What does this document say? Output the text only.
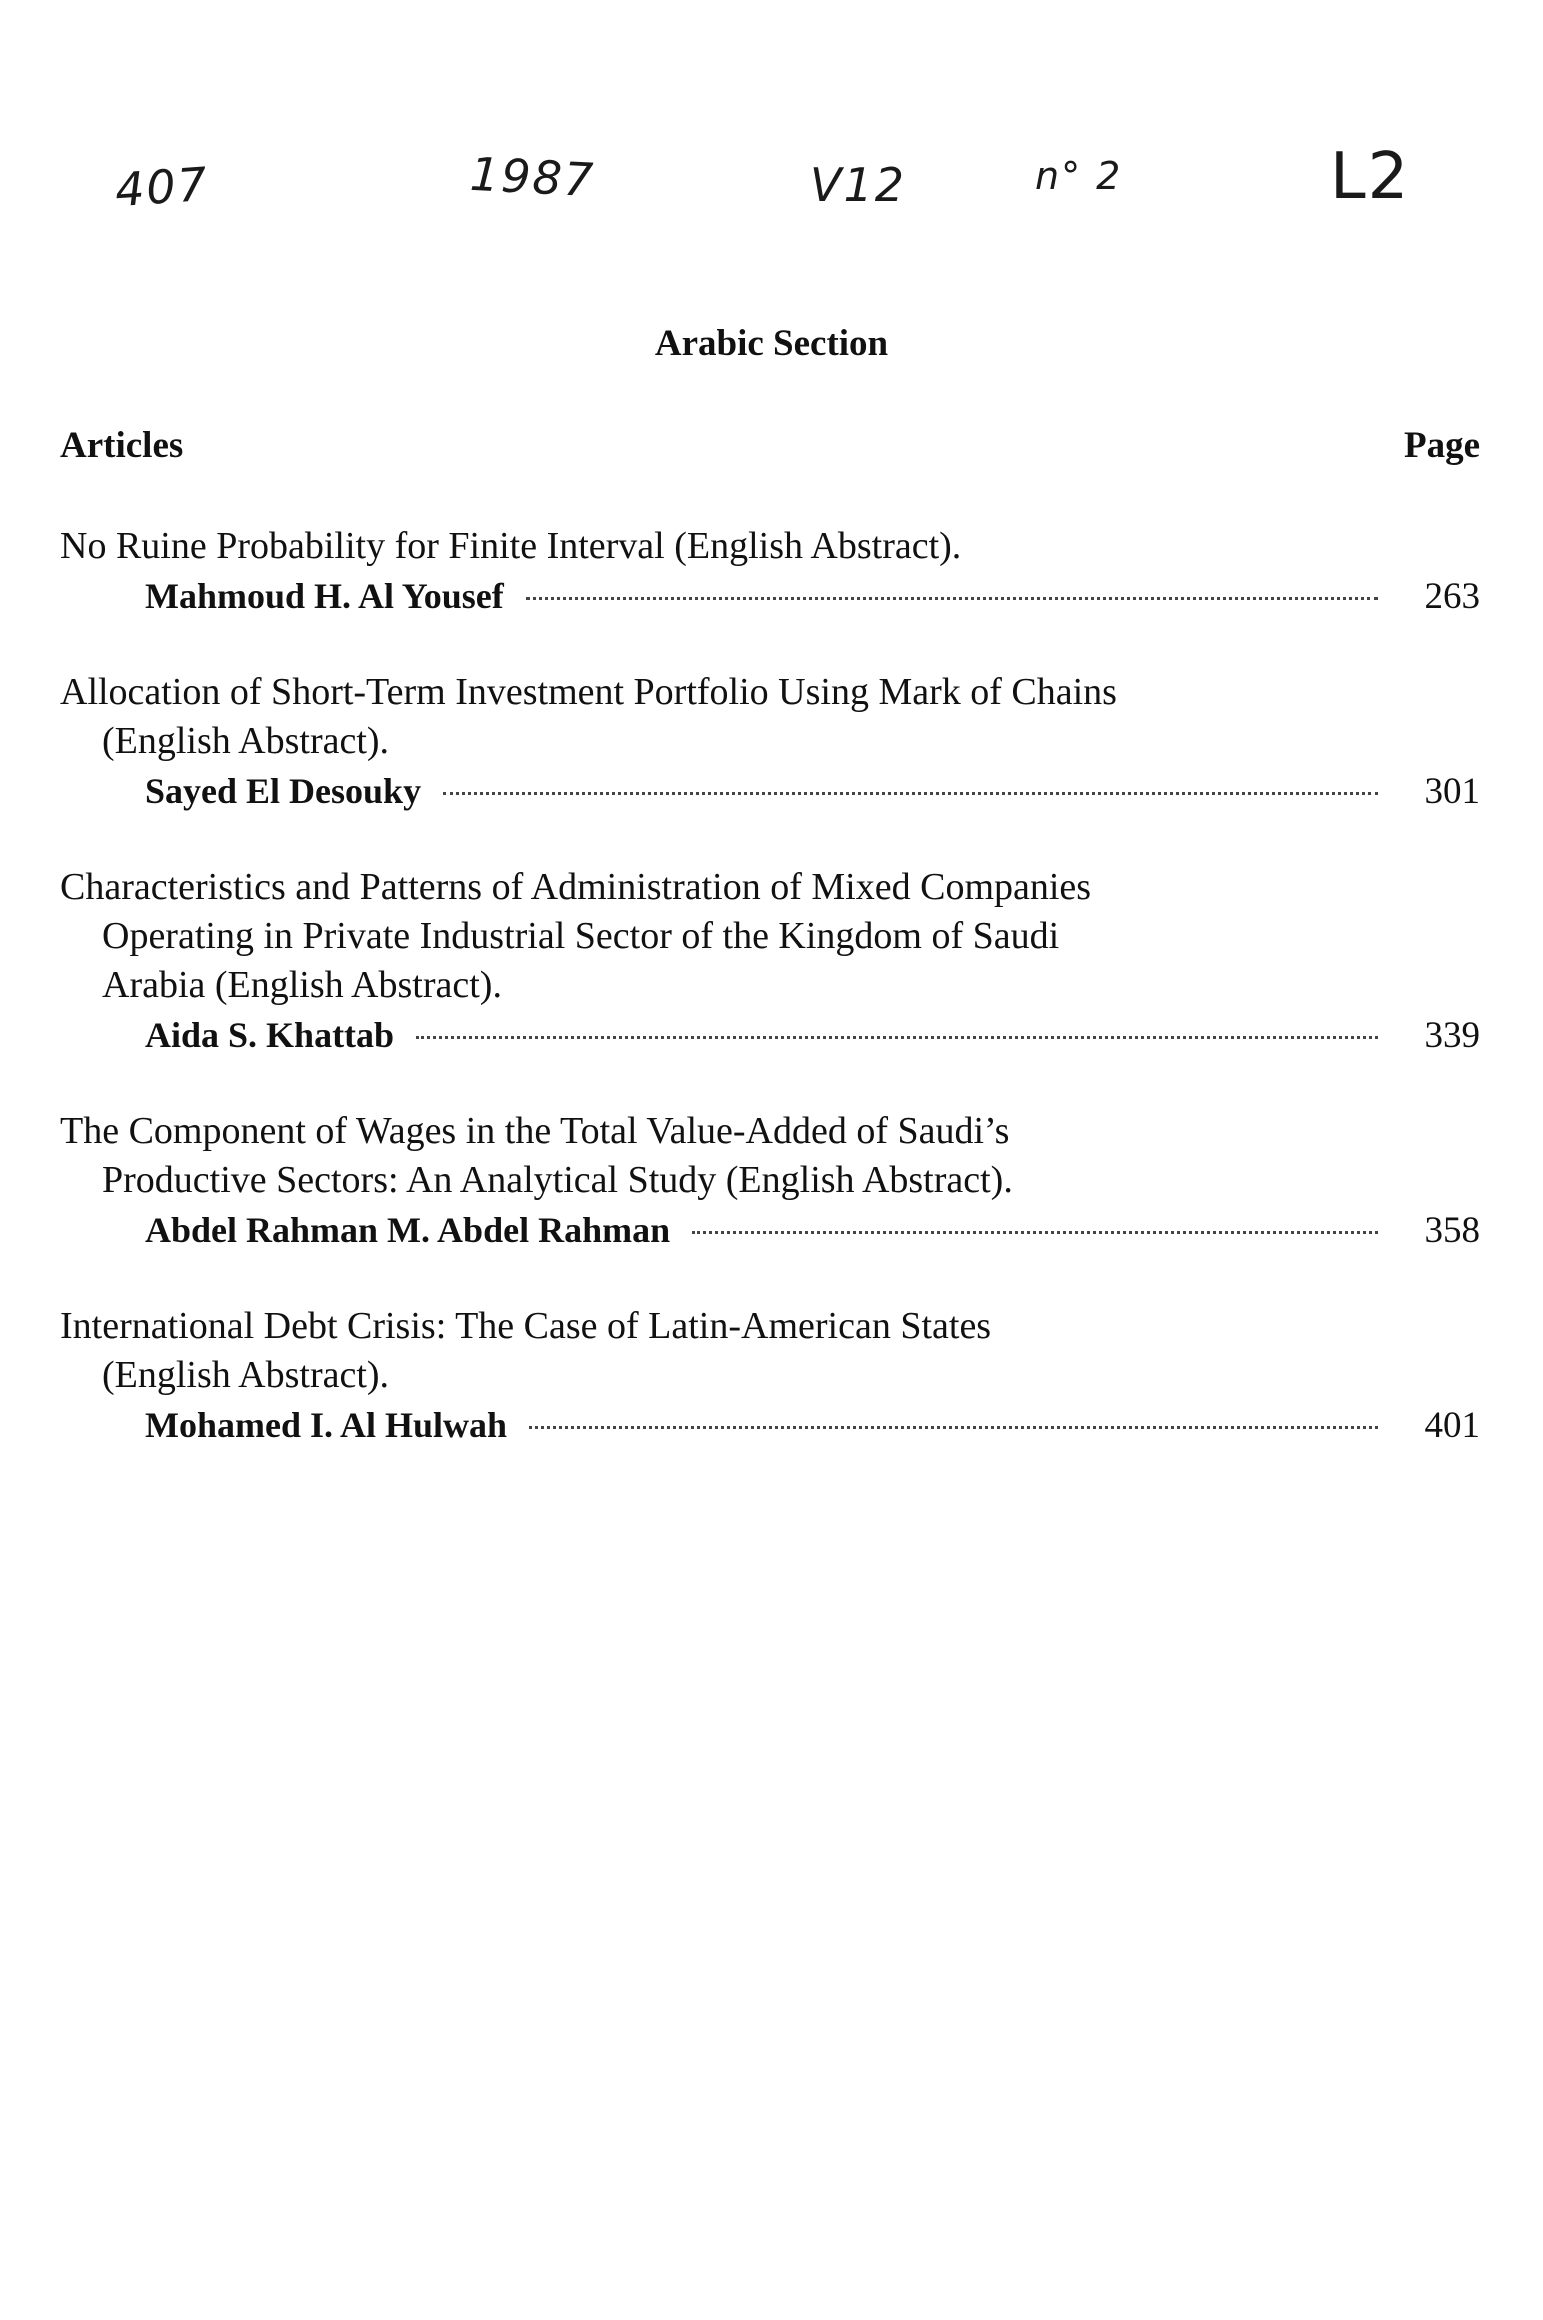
407	1987	V12	n° 2	L2
Arabic Section
Articles	Page
No Ruine Probability for Finite Interval (English Abstract).
Mahmoud H. Al Yousef	263
Allocation of Short-Term Investment Portfolio Using Mark of Chains
(English Abstract).
Sayed El Desouky	301
Characteristics and Patterns of Administration of Mixed Companies
Operating in Private Industrial Sector of the Kingdom of Saudi
Arabia (English Abstract).
Aida S. Khattab	339
The Component of Wages in the Total Value-Added of Saudi’s
Productive Sectors: An Analytical Study (English Abstract).
Abdel Rahman M. Abdel Rahman	358
International Debt Crisis: The Case of Latin-American States
(English Abstract).
Mohamed I. Al Hulwah	401
